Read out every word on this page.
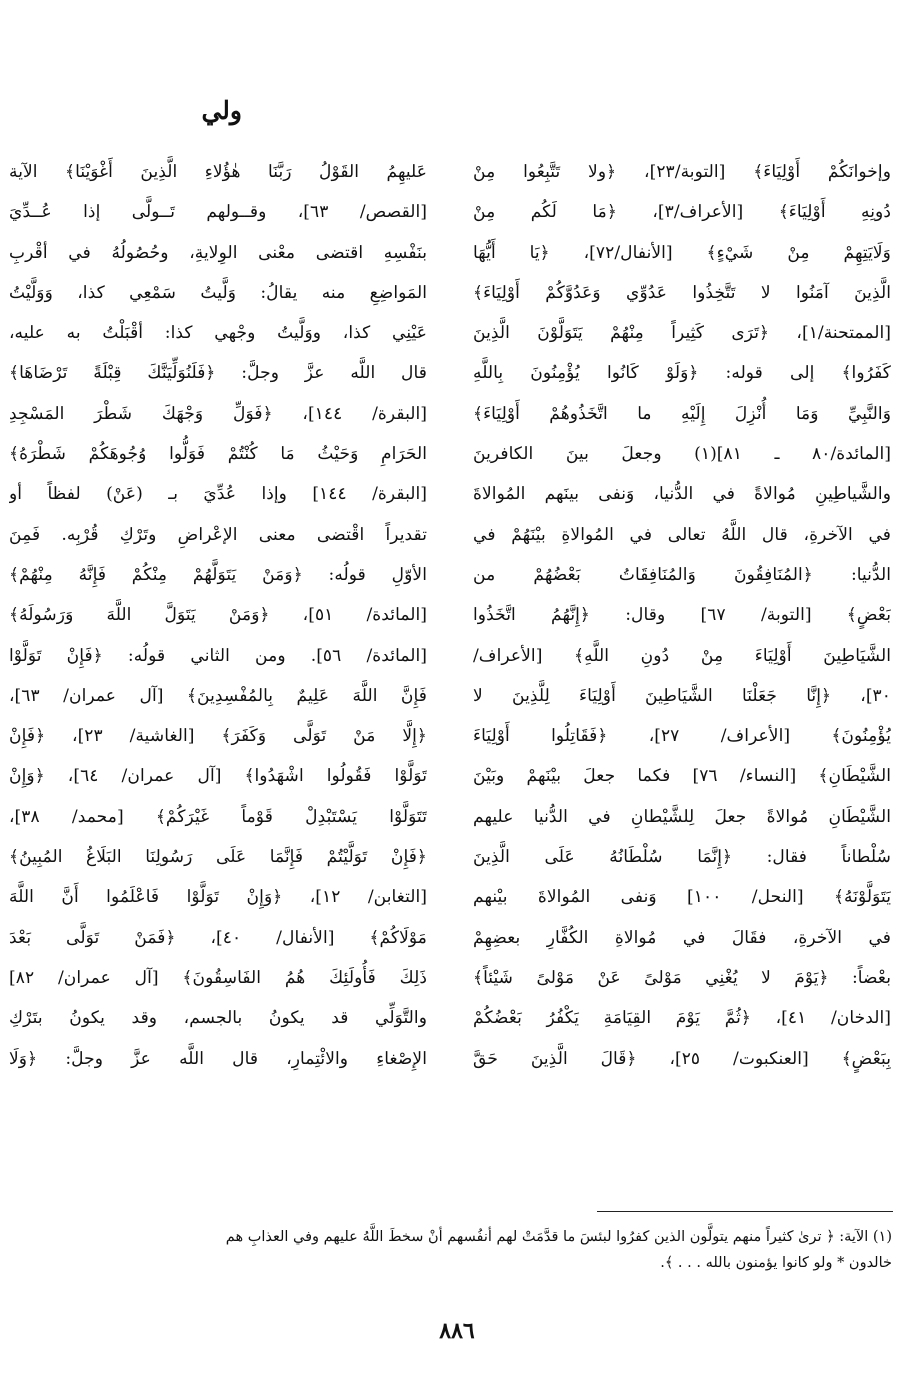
ولي
وإخوانَكُمْ أَوْلِيَاءَ﴾ [التوبة/٢٣]، ﴿ولا تَتَّبِعُوا مِنْ
دُونِهِ أَوْلِيَاءَ﴾ [الأعراف/٣]، ﴿مَا لَكُم مِنْ
وَلَايَتِهِمْ مِنْ شَيْءٍ﴾ [الأنفال/٧٢]، ﴿يَا أَيُّهَا
الَّذِينَ آمَنُوا لا تَتَّخِذُوا عَدُوِّي وَعَدُوَّكُمْ أَوْلِيَاءَ﴾
[الممتحنة/١]، ﴿تَرَى كَثِيراً مِنْهُمْ يَتَوَلَّوْنَ الَّذِينَ
كَفَرُوا﴾ إلى قوله: ﴿وَلَوْ كَانُوا يُؤْمِنُونَ بِاللَّهِ
وَالنَّبِيِّ وَمَا أُنْزِلَ إِلَيْهِ ما اتَّخَذُوهُمْ أَوْلِيَاءَ﴾
[المائدة/٨٠ ـ ٨١](١) وجعلَ بينَ الكافرينَ
والشَّياطِينِ مُوالاةً في الدُّنيا، وَنفى بينَهم المُوالاةَ
في الآخرةِ، قال اللَّهُ تعالى في المُوالاةِ بيْنَهُمْ في
الدُّنيا: ﴿المُنَافِقُونَ وَالمُنَافِقَاتُ بَعْضُهُمْ من
بَعْضٍ﴾ [التوبة/ ٦٧] وقال: ﴿إِنَّهُمُ اتَّخَذُوا
الشَّيَاطِينَ أَوْلِيَاءَ مِنْ دُونِ اللَّهِ﴾ [الأعراف/
٣٠]، ﴿إِنَّا جَعَلْنَا الشَّيَاطِينَ أَوْلِيَاءَ لِلَّذِينَ لا
يُؤْمِنُونَ﴾ [الأعراف/ ٢٧]، ﴿فَقَاتِلُوا أَوْلِيَاءَ
الشَّيْطَانِ﴾ [النساء/ ٧٦] فكما جعلَ بيْنَهمْ وبَيْنَ
الشَّيْطَانِ مُوالاةً جعلَ لِلشَّيْطانِ في الدُّنيا عليهم
سُلْطاناً فقال: ﴿إِنَّمَا سُلْطَانُهُ عَلَى الَّذِينَ
يَتَوَلَّوْنَهُ﴾ [النحل/ ١٠٠] وَنفى المُوالاةَ بيْنهم
في الآخرةِ، فقَالَ في مُوالاةِ الكُفَّارِ بعضِهِمْ
بعْضاً: ﴿يَوْمَ لا يُغْنِي مَوْلىً عَنْ مَوْلىً شَيْئاً﴾
[الدخان/ ٤١]، ﴿ثُمَّ يَوْمَ القِيَامَةِ يَكْفُرُ بَعْضُكُمْ
بِبَعْضٍ﴾ [العنكبوت/ ٢٥]، ﴿قَالَ الَّذِينَ حَقَّ
عَليهِمُ القَوْلُ رَبَّنَا هٰؤُلاءِ الَّذِينَ أَغْوَيْنَا﴾ الآية
[القصص/ ٦٣]، وقــولهم تَــولَّى إذا عُــدِّيَ
بنَفْسِهِ اقتضى معْنى الوِلايةِ، وحُصُولُهُ في أقْربِ
المَواضِعِ منه يقالُ: وَلَّيتُ سَمْعِي كذا، وَوَلَّيْتُ
عَيْنِي كذا، ووَلَّيتُ وجْهي كذا: أقْبَلْتُ به عليه،
قال اللَّه عزَّ وجلَّ: ﴿فَلَنُوَلِّيَنَّكَ قِبْلَةً تَرْضَاهَا﴾
[البقرة/ ١٤٤]، ﴿فَوَلِّ وَجْهَكَ شَطْرَ المَسْجِدِ
الحَرَامِ وَحَيْثُ مَا كُنْتُمْ فَوَلُّوا وُجُوهَكُمْ شَطْرَهُ﴾
[البقرة/ ١٤٤] وإذا عُدِّيَ بـ (عَنْ) لفظاً أو
تقديراً اقْتضى معنى الإعْراضِ وتَرْكِ قُرْبِه. فَمِنَ
الأوّلِ قولُه: ﴿وَمَنْ يَتَوَلَّهُمْ مِنْكُمْ فَإِنَّهُ مِنْهُمْ﴾
[المائدة/ ٥١]، ﴿وَمَنْ يَتَوَلَّ اللَّهَ وَرَسُولَهُ﴾
[المائدة/ ٥٦]. ومن الثاني قولُه: ﴿فَإِنْ تَوَلَّوْا
فَإِنَّ اللَّهَ عَلِيمٌ بِالمُفْسِدِينَ﴾ [آل عمران/ ٦٣]،
﴿إِلَّا مَنْ تَوَلَّى وَكَفَرَ﴾ [الغاشية/ ٢٣]، ﴿فَإِنْ
تَوَلَّوْا فَقُولُوا اشْهَدُوا﴾ [آل عمران/ ٦٤]، ﴿وَإِنْ
تَتَوَلَّوْا يَسْتَبْدِلْ قَوْماً غَيْرَكُمْ﴾ [محمد/ ٣٨]،
﴿فَإِنْ تَوَلَّيْتُمْ فَإِنَّمَا عَلَى رَسُولِنَا البَلَاغُ المُبِينُ﴾
[التغابن/ ١٢]، ﴿وَإِنْ تَوَلَّوْا فَاعْلَمُوا أَنَّ اللَّهَ
مَوْلَاكُمْ﴾ [الأنفال/ ٤٠]، ﴿فَمَنْ تَوَلَّى بَعْدَ
ذَلِكَ فَأُولَئِكَ هُمُ الفَاسِقُونَ﴾ [آل عمران/ ٨٢]
والتَّوَلِّي قد يكونُ بالجسم، وقد يكونُ بتَرْكِ
الإِصْغاءِ والائْتِمارِ، قال اللَّه عزَّ وجلَّ: ﴿وَلَا
(١) الآية: ﴿ ترىٰ كثيراً منهم يتولَّون الذين كفرُوا لبئسَ ما قدَّمَتْ لهم أنفُسهم أنْ سخطَ اللَّهُ عليهم وفي العذابِ هم
خالدون * ولو كانوا يؤمنون بالله . . . ﴾.
٨٨٦
